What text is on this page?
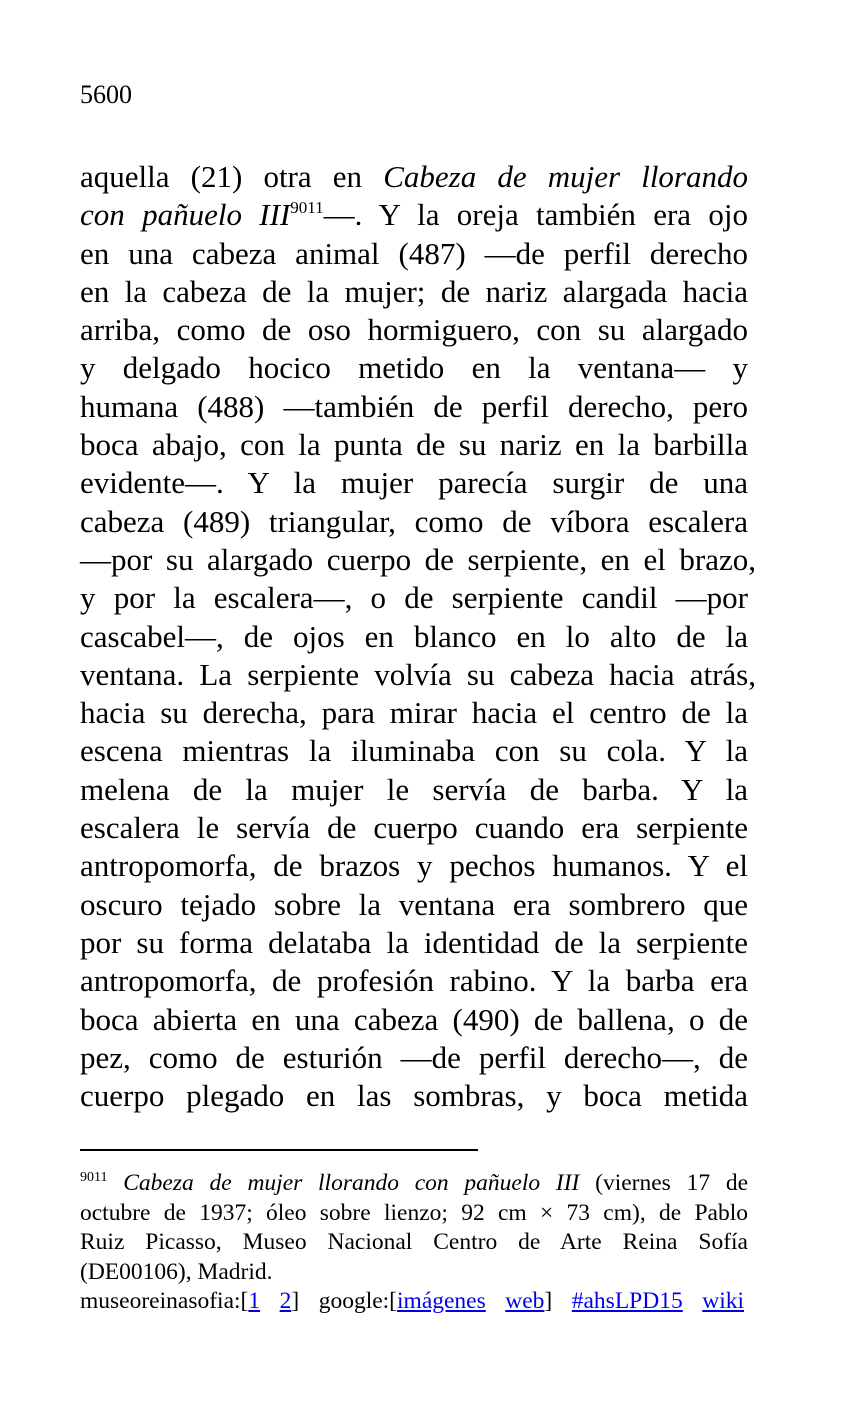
5600
aquella (21) otra en Cabeza de mujer llorando
con pañuelo $III^{9011}—$. Y la oreja también era ojo
en una cabeza animal (487) —de perfil derecho
en la cabeza de la mujer; de nariz alargada hacia
arriba, como de oso hormiguero, con su alargado
y delgado hocico metido en la ventana— y
humana (488) —también de perfil derecho, pero
boca abajo, con la punta de su nariz en la barbilla
evidente—. Y la mujer parecía surgir de una
cabeza (489) triangular, como de víbora escalera
—por su alargado cuerpo de serpiente, en el brazo,
y por la escalera—, o de serpiente candil —por
cascabel—, de ojos en blanco en lo alto de la
ventana. La serpiente volvía su cabeza hacia atrás,
hacia su derecha, para mirar hacia el centro de la
escena mientras la iluminaba con su cola. Y la
melena de la mujer le servía de barba. Y la
escalera le servía de cuerpo cuando era serpiente
antropomorfa, de brazos y pechos humanos. Y el
oscuro tejado sobre la ventana era sombrero que
por su forma delataba la identidad de la serpiente
antropomorfa, de profesión rabino. Y la barba era
boca abierta en una cabeza (490) de ballena, o de
pez, como de esturión —de perfil derecho—, de
cuerpo plegado en las sombras, y boca metida
$^{9011}$ Cabeza de mujer llorando con pañuelo III (viernes 17 de
octubre de 1937; óleo sobre lienzo; 92 cm × 73 cm), de Pablo
Ruiz Picasso, Museo Nacional Centro de Arte Reina Sofía
(DE00106), Madrid.
museoreinasofia:[1 2] google:[imágenes web] #ahsLPD15 wiki
